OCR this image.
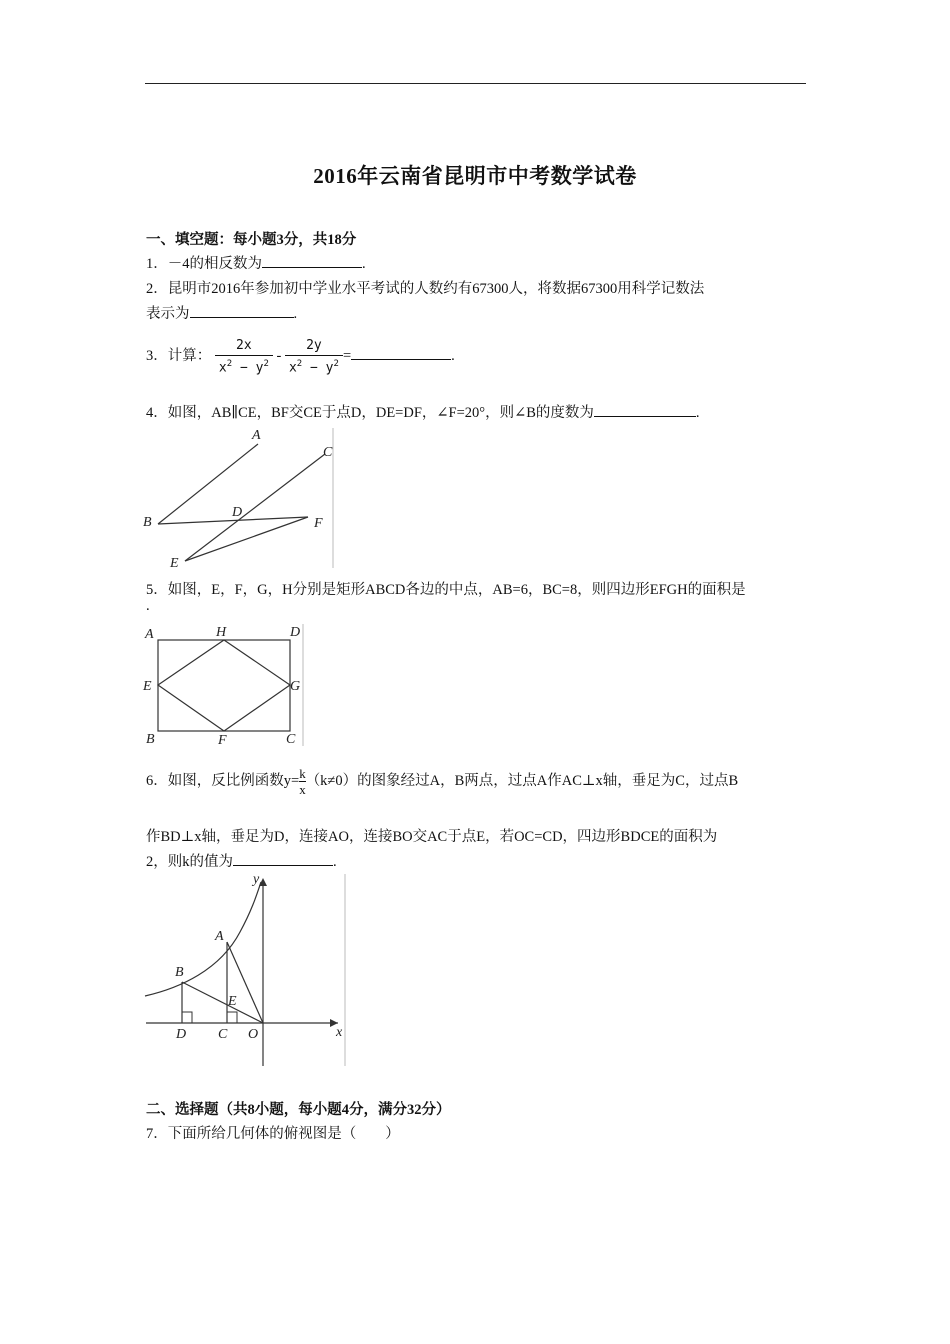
2016年云南省昆明市中考数学试卷
一、填空题：每小题3分，共18分
1．－4的相反数为	.
2．昆明市2016年参加初中学业水平考试的人数约有67300人，将数据67300用科学记数法
表示为	.
3．计算： $\frac{2x}{x^2 - y^2} - \frac{2y}{x^2 - y^2}$ =	.
4．如图，AB∥CE，BF交CE于点D，DE=DF，∠F=20°，则∠B的度数为	.
A
B
C
D
E
F
5．如图，E，F，G，H分别是矩形ABCD各边的中点，AB=6，BC=8，则四边形EFGH的面积是
.
A	H	D
E	G
B	F	C
6．如图，反比例函数$y= \frac{k}{x} (k\ne 0)$的图象经过A，B两点，过点A作AC⊥x轴，垂足为C，过点B
作BD⊥x轴，垂足为D，连接AO，连接BO交AC于点E，若OC=CD，四边形BDCE的面积为
2，则k的值为	.
y
x
A
B
E
D C O
二、选择题（共8小题，每小题4分，满分32分）
7．下面所给几何体的俯视图是（　　）
